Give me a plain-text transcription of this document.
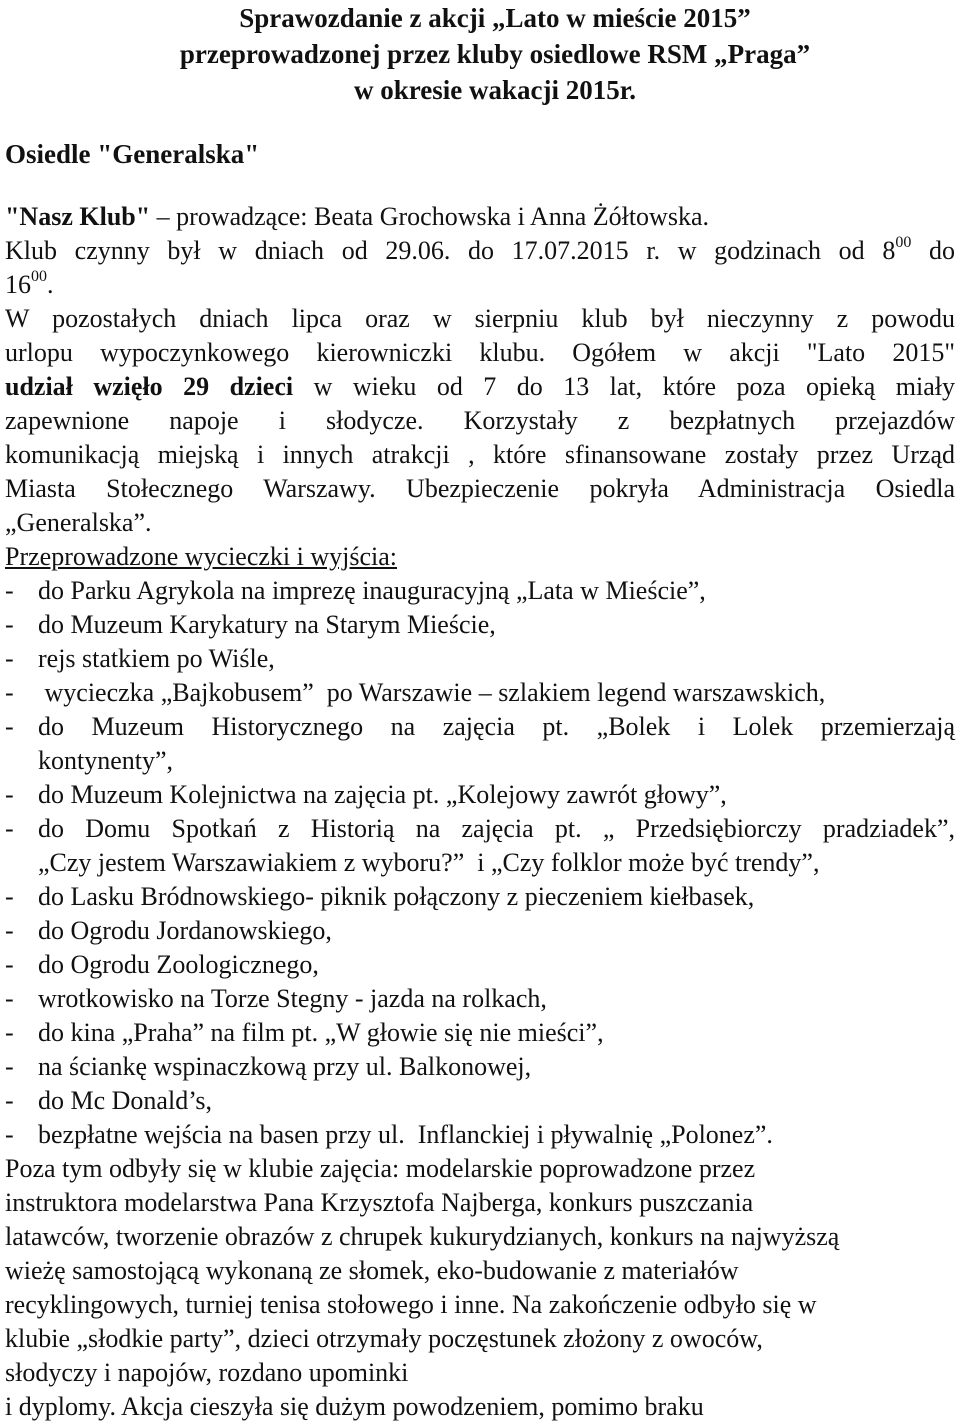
Sprawozdanie z akcji „Lato w mieście 2015”
przeprowadzonej przez kluby osiedlowe RSM „Praga”
w okresie wakacji 2015r.
Osiedle "Generalska"
"Nasz Klub" – prowadzące: Beata Grochowska i Anna Żółtowska.
Klub czynny był w dniach od 29.06. do 17.07.2015 r. w godzinach od $8^{00}$ do
$16^{00}$.
W pozostałych dniach lipca oraz w sierpniu klub był nieczynny z powodu
urlopu wypoczynkowego kierowniczki klubu. Ogółem w akcji "Lato 2015"
udział wzięło 29 dzieci w wieku od 7 do 13 lat, które poza opieką miały
zapewnione napoje i słodycze. Korzystały z bezpłatnych przejazdów
komunikacją miejską i innych atrakcji , które sfinansowane zostały przez Urząd
Miasta Stołecznego Warszawy. Ubezpieczenie pokryła Administracja Osiedla
„Generalska”.
Przeprowadzone wycieczki i wyjścia:
- do Parku Agrykola na imprezę inauguracyjną „Lata w Mieście”,
- do Muzeum Karykatury na Starym Mieście,
- rejs statkiem po Wiśle,
- wycieczka „Bajkobusem”  po Warszawie – szlakiem legend warszawskich,
- do Muzeum Historycznego na zajęcia pt. „Bolek i Lolek przemierzają
kontynenty”,
- do Muzeum Kolejnictwa na zajęcia pt. „Kolejowy zawrót głowy”,
- do Domu Spotkań z Historią na zajęcia pt. „ Przedsiębiorczy pradziadek”,
„Czy jestem Warszawiakiem z wyboru?”  i „Czy folklor może być trendy”,
- do Lasku Bródnowskiego- piknik połączony z pieczeniem kiełbasek,
- do Ogrodu Jordanowskiego,
- do Ogrodu Zoologicznego,
- wrotkowisko na Torze Stegny - jazda na rolkach,
- do kina „Praha” na film pt. „W głowie się nie mieści”,
- na ściankę wspinaczkową przy ul. Balkonowej,
- do Mc Donald’s,
- bezpłatne wejścia na basen przy ul.  Inflanckiej i pływalnię „Polonez”.
Poza tym odbyły się w klubie zajęcia: modelarskie poprowadzone przez
instruktora modelarstwa Pana Krzysztofa Najberga, konkurs puszczania
latawców, tworzenie obrazów z chrupek kukurydzianych, konkurs na najwyższą
wieżę samostojącą wykonaną ze słomek, eko-budowanie z materiałów
recyklingowych, turniej tenisa stołowego i inne. Na zakończenie odbyło się w
klubie „słodkie party”, dzieci otrzymały poczęstunek złożony z owoców,
słodyczy i napojów, rozdano upominki
i dyplomy. Akcja cieszyła się dużym powodzeniem, pomimo braku
